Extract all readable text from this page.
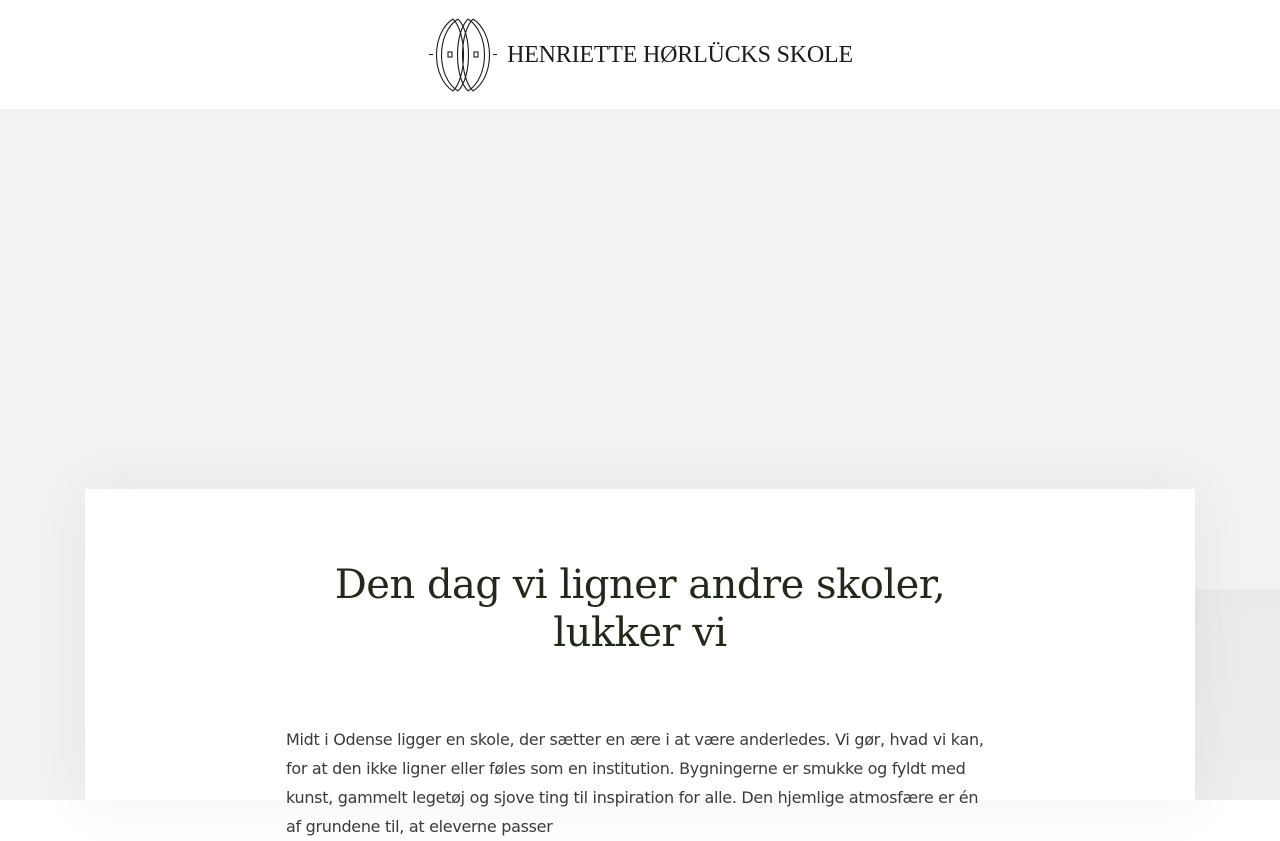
HENRIETTE HØRLÜCKS SKOLE
Den dag vi ligner andre skoler, lukker vi

Midt i Odense ligger en skole, der sætter en ære i at være anderledes. Vi gør, hvad vi kan, for at den ikke ligner eller føles som en institution. Bygningerne er smukke og fyldt med kunst, gammelt legetøj og sjove ting til inspiration for alle. Den hjemlige atmosfære er én af grundene til, at eleverne passer
